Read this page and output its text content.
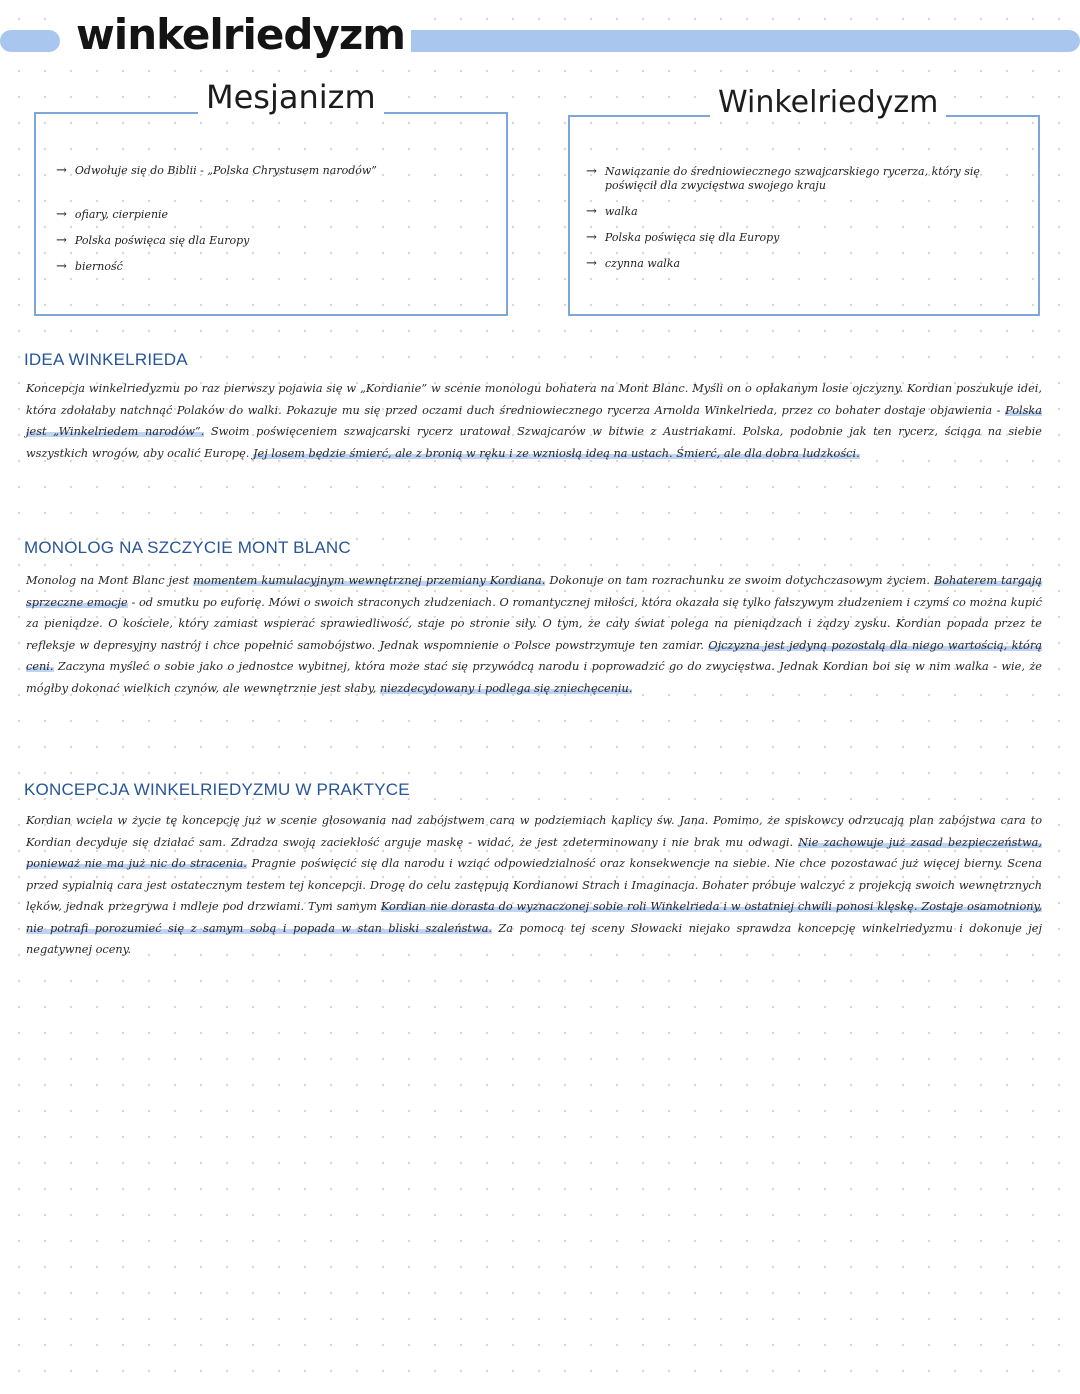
winkelriedyzm
Mesjanizm
→ Odwołuje się do Biblii - „Polska Chrystusem narodów”
→ ofiary, cierpienie
→ Polska poświęca się dla Europy
→ bierność
Winkelriedyzm
→ Nawiązanie do średniowiecznego szwajcarskiego rycerza, który się poświęcił dla zwycięstwa swojego kraju
→ walka
→ Polska poświęca się dla Europy
→ czynna walka
IDEA WINKELRIEDA

Koncepcja winkelriedyzmu po raz pierwszy pojawia się w „Kordianie” w scenie monologu bohatera na Mont Blanc. Myśli on o opłakanym losie ojczyzny. Kordian poszukuje idei, która zdołałaby natchnąć Polaków do walki. Pokazuje mu się przed oczami duch średniowiecznego rycerza Arnolda Winkelrieda, przez co bohater dostaje objawienia - Polska jest „Winkelriedem narodów”. Swoim poświęceniem szwajcarski rycerz uratował Szwajcarów w bitwie z Austriakami. Polska, podobnie jak ten rycerz, ściąga na siebie wszystkich wrogów, aby ocalić Europę. Jej losem będzie śmierć, ale z bronią w ręku i ze wzniosłą ideą na ustach. Śmierć, ale dla dobra ludzkości.

MONOLOG NA SZCZYCIE MONT BLANC

Monolog na Mont Blanc jest momentem kumulacyjnym wewnętrznej przemiany Kordiana. Dokonuje on tam rozrachunku ze swoim dotychczasowym życiem. Bohaterem targają sprzeczne emocje - od smutku po euforię. Mówi o swoich straconych złudzeniach. O romantycznej miłości, która okazała się tylko fałszywym złudzeniem i czymś co można kupić za pieniądze. O kościele, który zamiast wspierać sprawiedliwość, staje po stronie siły. O tym, że cały świat polega na pieniądzach i żądzy zysku. Kordian popada przez te refleksje w depresyjny nastrój i chce popełnić samobójstwo. Jednak wspomnienie o Polsce powstrzymuje ten zamiar. Ojczyzna jest jedyną pozostałą dla niego wartością, którą ceni. Zaczyna myśleć o sobie jako o jednostce wybitnej, która może stać się przywódcą narodu i poprowadzić go do zwycięstwa. Jednak Kordian boi się w nim walka - wie, że mógłby dokonać wielkich czynów, ale wewnętrznie jest słaby, niezdecydowany i podlega się zniechęceniu.

KONCEPCJA WINKELRIEDYZMU W PRAKTYCE

Kordian wciela w życie tę koncepcję już w scenie głosowania nad zabójstwem cara w podziemiach kaplicy św. Jana. Pomimo, że spiskowcy odrzucają plan zabójstwa cara to Kordian decyduje się działać sam. Zdradza swoją zaciekłość arguje maskę - widać, że jest zdeterminowany i nie brak mu odwagi. Nie zachowuje już zasad bezpieczeństwa, ponieważ nie ma już nic do stracenia. Pragnie poświęcić się dla narodu i wziąć odpowiedzialność oraz konsekwencje na siebie. Nie chce pozostawać już więcej bierny. Scena przed sypialnią cara jest ostatecznym testem tej koncepcji. Drogę do celu zastępują Kordianowi Strach i Imaginacja. Bohater próbuje walczyć z projekcją swoich wewnętrznych lęków, jednak przegrywa i mdleje pod drzwiami. Tym samym Kordian nie dorasta do wyznaczonej sobie roli Winkelrieda i w ostatniej chwili ponosi klęskę. Zostaje osamotniony, nie potrafi porozumieć się z samym sobą i popada w stan bliski szaleństwa. Za pomocą tej sceny Słowacki niejako sprawdza koncepcję winkelriedyzmu i dokonuje jej negatywnej oceny.
